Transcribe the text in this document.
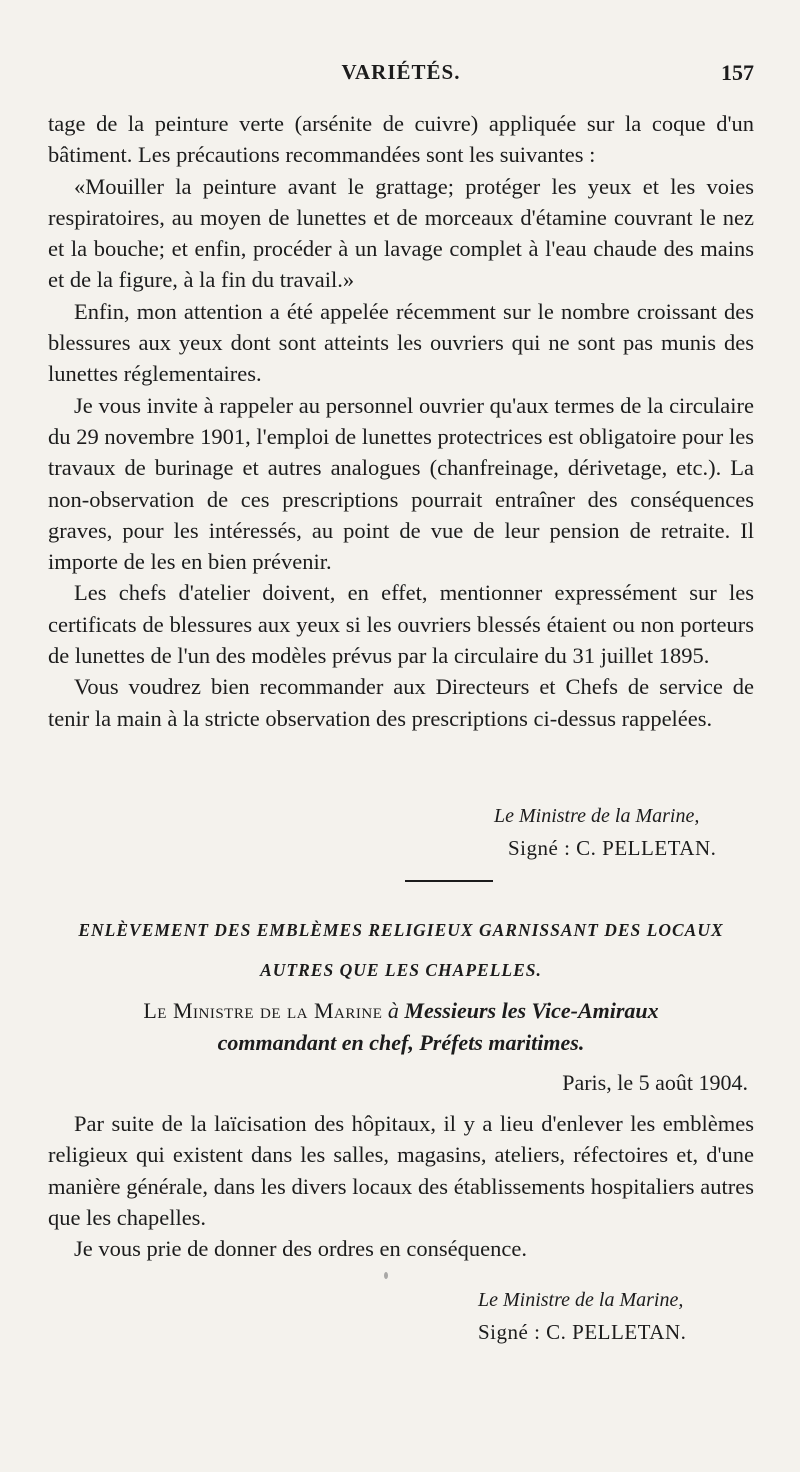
VARIÉTÉS.	157

tage de la peinture verte (arsénite de cuivre) appliquée sur la coque d'un bâtiment. Les précautions recommandées sont les suivantes :

«Mouiller la peinture avant le grattage; protéger les yeux et les voies respiratoires, au moyen de lunettes et de morceaux d'étamine couvrant le nez et la bouche; et enfin, procéder à un lavage complet à l'eau chaude des mains et de la figure, à la fin du travail.»

Enfin, mon attention a été appelée récemment sur le nombre croissant des blessures aux yeux dont sont atteints les ouvriers qui ne sont pas munis des lunettes réglementaires.

Je vous invite à rappeler au personnel ouvrier qu'aux termes de la circulaire du 29 novembre 1901, l'emploi de lunettes protectrices est obligatoire pour les travaux de burinage et autres analogues (chanfreinage, dérivetage, etc.). La non-observation de ces prescriptions pourrait entraîner des conséquences graves, pour les intéressés, au point de vue de leur pension de retraite. Il importe de les en bien prévenir.

Les chefs d'atelier doivent, en effet, mentionner expressément sur les certificats de blessures aux yeux si les ouvriers blessés étaient ou non porteurs de lunettes de l'un des modèles prévus par la circulaire du 31 juillet 1895.

Vous voudrez bien recommander aux Directeurs et Chefs de service de tenir la main à la stricte observation des prescriptions ci-dessus rappelées.

Le Ministre de la Marine,
Signé : C. PELLETAN.
ENLÈVEMENT DES EMBLÈMES RELIGIEUX GARNISSANT DES LOCAUX
AUTRES QUE LES CHAPELLES.
Le Ministre de la Marine à Messieurs les Vice-Amiraux
commandant en chef, Préfets maritimes.
Paris, le 5 août 1904.

Par suite de la laïcisation des hôpitaux, il y a lieu d'enlever les emblèmes religieux qui existent dans les salles, magasins, ateliers, réfectoires et, d'une manière générale, dans les divers locaux des établissements hospitaliers autres que les chapelles.

Je vous prie de donner des ordres en conséquence.

Le Ministre de la Marine,
Signé : C. PELLETAN.
